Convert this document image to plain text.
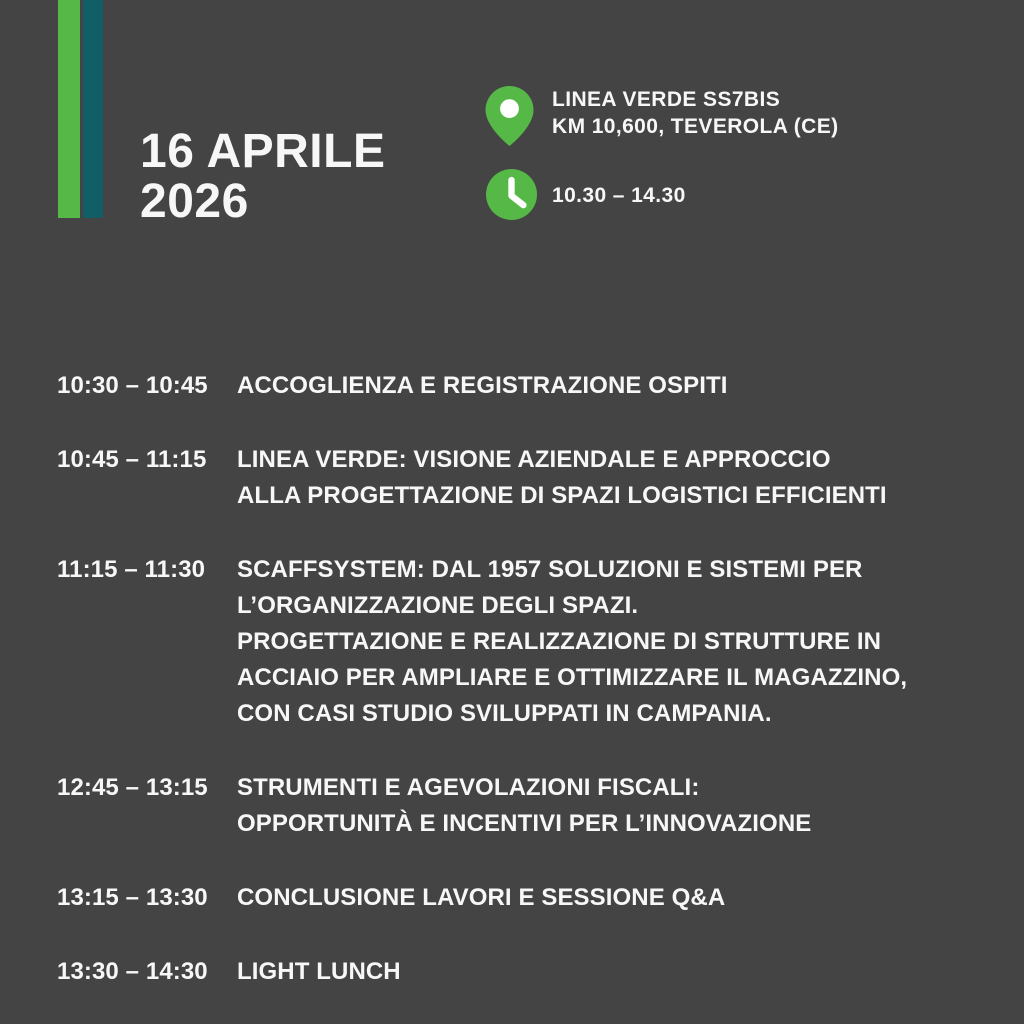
16 APRILE
2026
LINEA VERDE SS7BIS
KM 10,600, TEVEROLA (CE)
10.30 – 14.30
10:30 – 10:45	ACCOGLIENZA E REGISTRAZIONE OSPITI
10:45 – 11:15	LINEA VERDE: VISIONE AZIENDALE E APPROCCIO
ALLA PROGETTAZIONE DI SPAZI LOGISTICI EFFICIENTI
11:15 – 11:30	SCAFFSYSTEM: DAL 1957 SOLUZIONI E SISTEMI PER
L’ORGANIZZAZIONE DEGLI SPAZI.
PROGETTAZIONE E REALIZZAZIONE DI STRUTTURE IN
ACCIAIO PER AMPLIARE E OTTIMIZZARE IL MAGAZZINO,
CON CASI STUDIO SVILUPPATI IN CAMPANIA.
12:45 – 13:15	STRUMENTI E AGEVOLAZIONI FISCALI:
OPPORTUNITÀ E INCENTIVI PER L’INNOVAZIONE
13:15 – 13:30	CONCLUSIONE LAVORI E SESSIONE Q&A
13:30 – 14:30	LIGHT LUNCH
